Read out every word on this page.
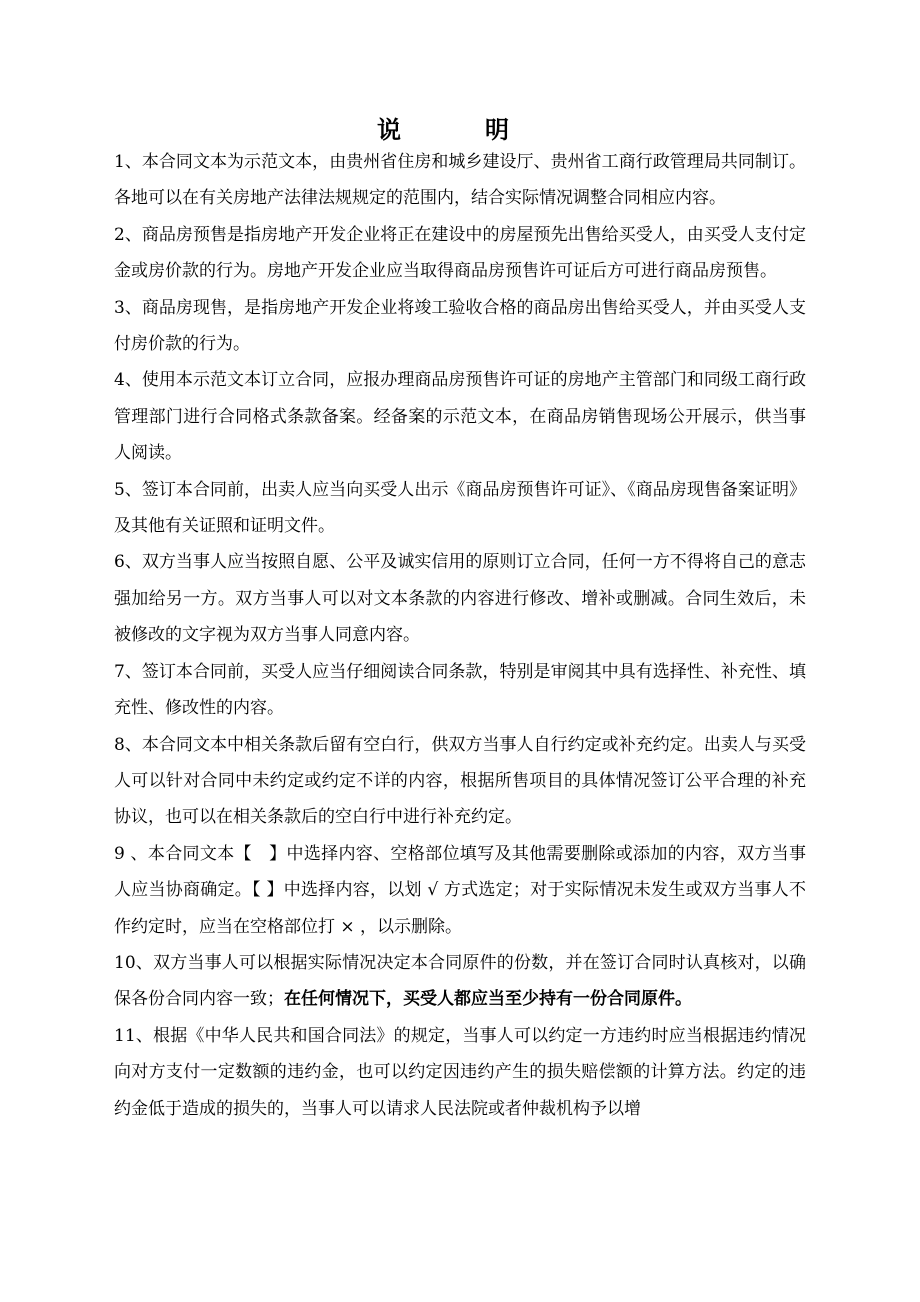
说　明

1、本合同文本为示范文本，由贵州省住房和城乡建设厅、贵州省工商行政管理局共同制订。各地可以在有关房地产法律法规规定的范围内，结合实际情况调整合同相应内容。

2、商品房预售是指房地产开发企业将正在建设中的房屋预先出售给买受人，由买受人支付定金或房价款的行为。房地产开发企业应当取得商品房预售许可证后方可进行商品房预售。

3、商品房现售，是指房地产开发企业将竣工验收合格的商品房出售给买受人，并由买受人支付房价款的行为。

4、使用本示范文本订立合同，应报办理商品房预售许可证的房地产主管部门和同级工商行政管理部门进行合同格式条款备案。经备案的示范文本，在商品房销售现场公开展示，供当事人阅读。

5、签订本合同前，出卖人应当向买受人出示《商品房预售许可证》、《商品房现售备案证明》及其他有关证照和证明文件。

6、双方当事人应当按照自愿、公平及诚实信用的原则订立合同，任何一方不得将自己的意志强加给另一方。双方当事人可以对文本条款的内容进行修改、增补或删减。合同生效后，未被修改的文字视为双方当事人同意内容。

7、签订本合同前，买受人应当仔细阅读合同条款，特别是审阅其中具有选择性、补充性、填充性、修改性的内容。

8、本合同文本中相关条款后留有空白行，供双方当事人自行约定或补充约定。出卖人与买受人可以针对合同中未约定或约定不详的内容，根据所售项目的具体情况签订公平合理的补充协议，也可以在相关条款后的空白行中进行补充约定。

9 、本合同文本【　】中选择内容、空格部位填写及其他需要删除或添加的内容，双方当事人应当协商确定。【 】中选择内容，以划 √ 方式选定；对于实际情况未发生或双方当事人不作约定时，应当在空格部位打 × ，以示删除。

10、双方当事人可以根据实际情况决定本合同原件的份数，并在签订合同时认真核对，以确保各份合同内容一致；在任何情况下，买受人都应当至少持有一份合同原件。

11、根据《中华人民共和国合同法》的规定，当事人可以约定一方违约时应当根据违约情况向对方支付一定数额的违约金，也可以约定因违约产生的损失赔偿额的计算方法。约定的违约金低于造成的损失的，当事人可以请求人民法院或者仲裁机构予以增
